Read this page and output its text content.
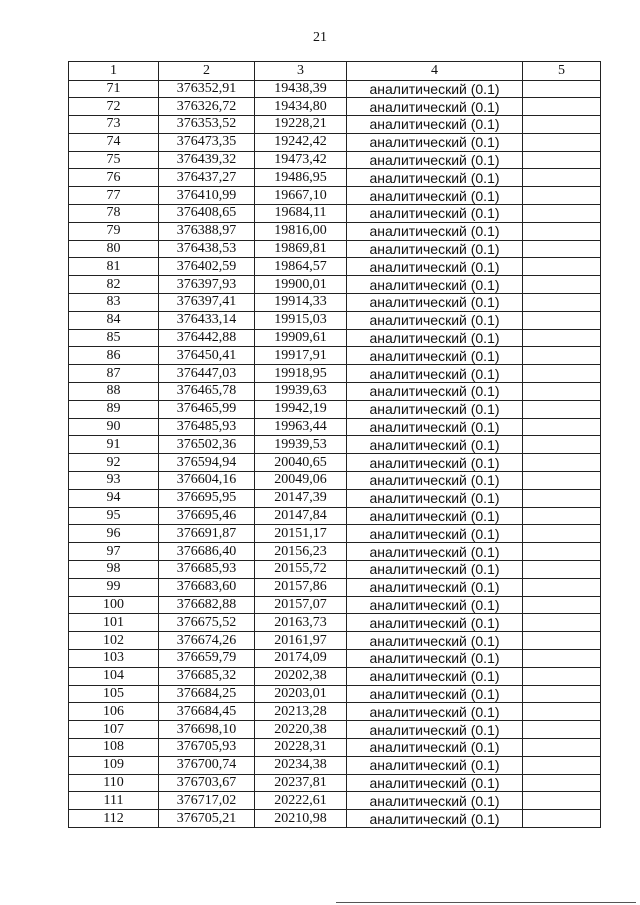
21
1	2	3	4	5
71	376352,91	19438,39	аналитический (0.1)	
72	376326,72	19434,80	аналитический (0.1)	
73	376353,52	19228,21	аналитический (0.1)	
74	376473,35	19242,42	аналитический (0.1)	
75	376439,32	19473,42	аналитический (0.1)	
76	376437,27	19486,95	аналитический (0.1)	
77	376410,99	19667,10	аналитический (0.1)	
78	376408,65	19684,11	аналитический (0.1)	
79	376388,97	19816,00	аналитический (0.1)	
80	376438,53	19869,81	аналитический (0.1)	
81	376402,59	19864,57	аналитический (0.1)	
82	376397,93	19900,01	аналитический (0.1)	
83	376397,41	19914,33	аналитический (0.1)	
84	376433,14	19915,03	аналитический (0.1)	
85	376442,88	19909,61	аналитический (0.1)	
86	376450,41	19917,91	аналитический (0.1)	
87	376447,03	19918,95	аналитический (0.1)	
88	376465,78	19939,63	аналитический (0.1)	
89	376465,99	19942,19	аналитический (0.1)	
90	376485,93	19963,44	аналитический (0.1)	
91	376502,36	19939,53	аналитический (0.1)	
92	376594,94	20040,65	аналитический (0.1)	
93	376604,16	20049,06	аналитический (0.1)	
94	376695,95	20147,39	аналитический (0.1)	
95	376695,46	20147,84	аналитический (0.1)	
96	376691,87	20151,17	аналитический (0.1)	
97	376686,40	20156,23	аналитический (0.1)	
98	376685,93	20155,72	аналитический (0.1)	
99	376683,60	20157,86	аналитический (0.1)	
100	376682,88	20157,07	аналитический (0.1)	
101	376675,52	20163,73	аналитический (0.1)	
102	376674,26	20161,97	аналитический (0.1)	
103	376659,79	20174,09	аналитический (0.1)	
104	376685,32	20202,38	аналитический (0.1)	
105	376684,25	20203,01	аналитический (0.1)	
106	376684,45	20213,28	аналитический (0.1)	
107	376698,10	20220,38	аналитический (0.1)	
108	376705,93	20228,31	аналитический (0.1)	
109	376700,74	20234,38	аналитический (0.1)	
110	376703,67	20237,81	аналитический (0.1)	
111	376717,02	20222,61	аналитический (0.1)	
112	376705,21	20210,98	аналитический (0.1)	
